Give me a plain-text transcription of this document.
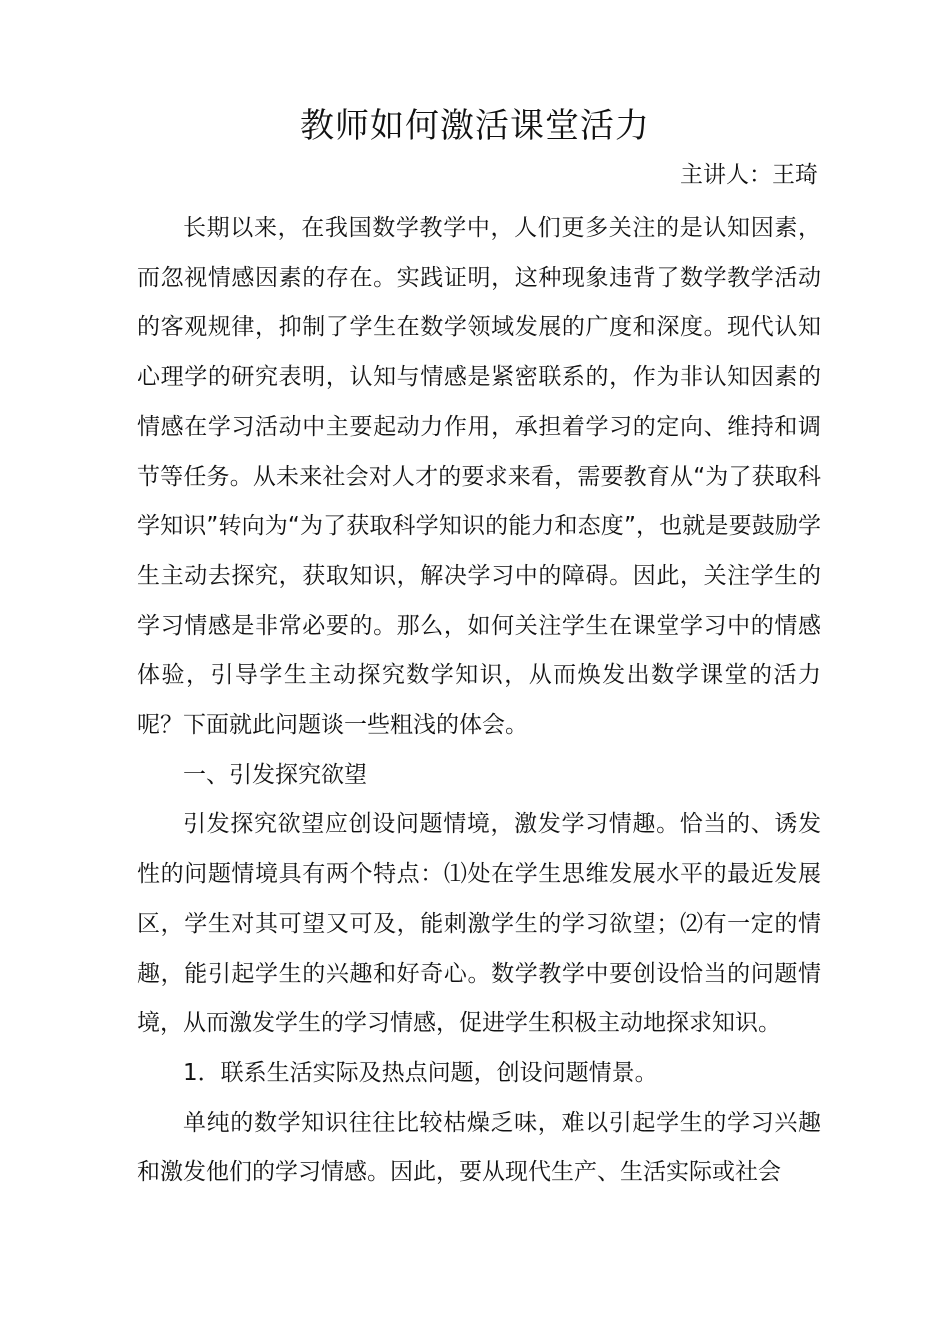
教师如何激活课堂活力
主讲人：王琦

长期以来，在我国数学教学中，人们更多关注的是认知因素，而忽视情感因素的存在。实践证明，这种现象违背了数学教学活动的客观规律，抑制了学生在数学领域发展的广度和深度。现代认知心理学的研究表明，认知与情感是紧密联系的，作为非认知因素的情感在学习活动中主要起动力作用，承担着学习的定向、维持和调节等任务。从未来社会对人才的要求来看，需要教育从“为了获取科学知识”转向为“为了获取科学知识的能力和态度”，也就是要鼓励学生主动去探究，获取知识，解决学习中的障碍。因此，关注学生的学习情感是非常必要的。那么，如何关注学生在课堂学习中的情感体验，引导学生主动探究数学知识，从而焕发出数学课堂的活力呢？下面就此问题谈一些粗浅的体会。

一、引发探究欲望

引发探究欲望应创设问题情境，激发学习情趣。恰当的、诱发性的问题情境具有两个特点：⑴处在学生思维发展水平的最近发展区，学生对其可望又可及，能刺激学生的学习欲望；⑵有一定的情趣，能引起学生的兴趣和好奇心。数学教学中要创设恰当的问题情境，从而激发学生的学习情感，促进学生积极主动地探求知识。

1．联系生活实际及热点问题，创设问题情景。

单纯的数学知识往往比较枯燥乏味，难以引起学生的学习兴趣和激发他们的学习情感。因此，要从现代生产、生活实际或社会
